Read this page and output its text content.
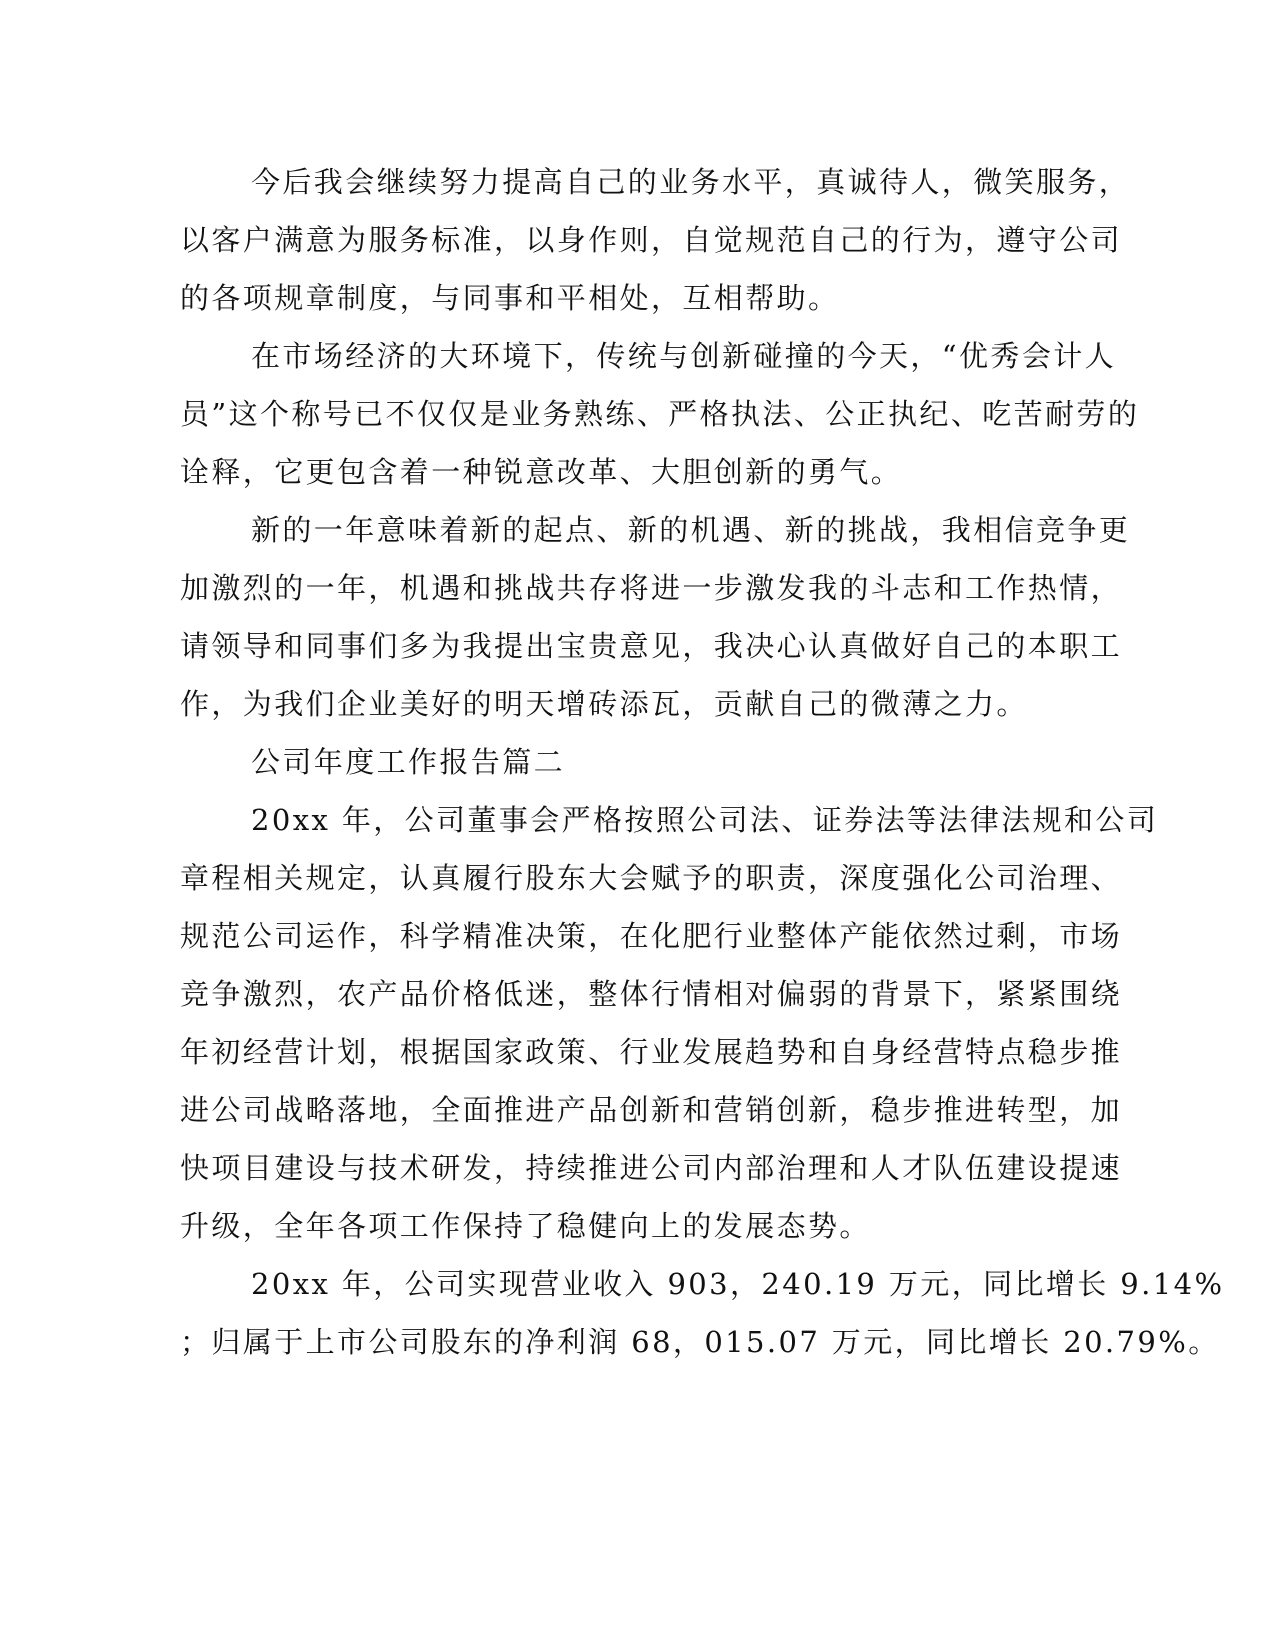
今后我会继续努力提高自己的业务水平，真诚待人，微笑服务，
以客户满意为服务标准，以身作则，自觉规范自己的行为，遵守公司
的各项规章制度，与同事和平相处，互相帮助。
在市场经济的大环境下，传统与创新碰撞的今天，“优秀会计人
员”这个称号已不仅仅是业务熟练、严格执法、公正执纪、吃苦耐劳的
诠释，它更包含着一种锐意改革、大胆创新的勇气。
新的一年意味着新的起点、新的机遇、新的挑战，我相信竞争更
加激烈的一年，机遇和挑战共存将进一步激发我的斗志和工作热情，
请领导和同事们多为我提出宝贵意见，我决心认真做好自己的本职工
作，为我们企业美好的明天增砖添瓦，贡献自己的微薄之力。
公司年度工作报告篇二
20xx 年，公司董事会严格按照公司法、证券法等法律法规和公司
章程相关规定，认真履行股东大会赋予的职责，深度强化公司治理、
规范公司运作，科学精准决策，在化肥行业整体产能依然过剩，市场
竞争激烈，农产品价格低迷，整体行情相对偏弱的背景下，紧紧围绕
年初经营计划，根据国家政策、行业发展趋势和自身经营特点稳步推
进公司战略落地，全面推进产品创新和营销创新，稳步推进转型，加
快项目建设与技术研发，持续推进公司内部治理和人才队伍建设提速
升级，全年各项工作保持了稳健向上的发展态势。
20xx 年，公司实现营业收入 903，240.19 万元，同比增长 9.14%
；归属于上市公司股东的净利润 68，015.07 万元，同比增长 20.79%。
